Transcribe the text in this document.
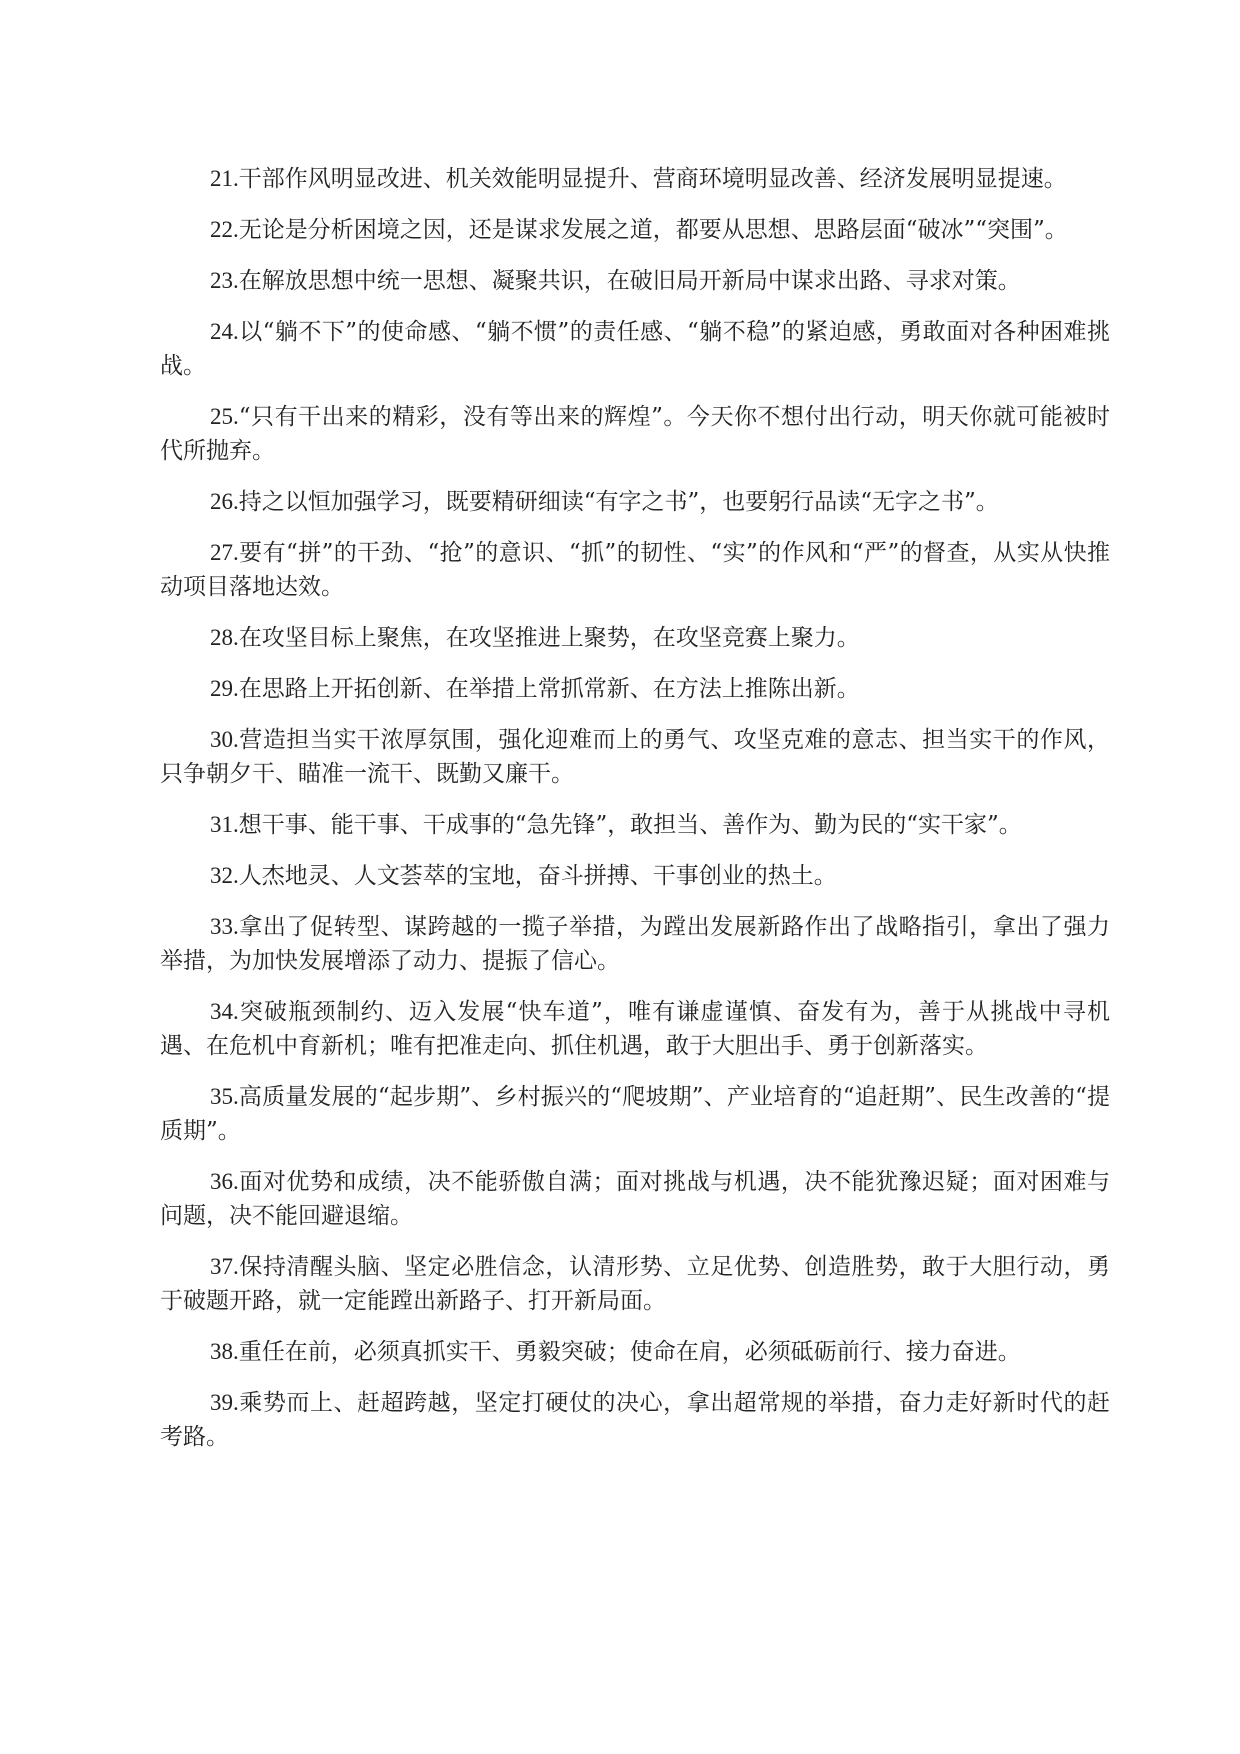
21.干部作风明显改进、机关效能明显提升、营商环境明显改善、经济发展明显提速。

22.无论是分析困境之因，还是谋求发展之道，都要从思想、思路层面“破冰”“突围”。

23.在解放思想中统一思想、凝聚共识，在破旧局开新局中谋求出路、寻求对策。

24.以“躺不下”的使命感、“躺不惯”的责任感、“躺不稳”的紧迫感，勇敢面对各种困难挑战。

25.“只有干出来的精彩，没有等出来的辉煌”。今天你不想付出行动，明天你就可能被时代所抛弃。

26.持之以恒加强学习，既要精研细读“有字之书”，也要躬行品读“无字之书”。

27.要有“拼”的干劲、“抢”的意识、“抓”的韧性、“实”的作风和“严”的督查，从实从快推动项目落地达效。

28.在攻坚目标上聚焦，在攻坚推进上聚势，在攻坚竞赛上聚力。

29.在思路上开拓创新、在举措上常抓常新、在方法上推陈出新。

30.营造担当实干浓厚氛围，强化迎难而上的勇气、攻坚克难的意志、担当实干的作风，只争朝夕干、瞄准一流干、既勤又廉干。

31.想干事、能干事、干成事的“急先锋”，敢担当、善作为、勤为民的“实干家”。

32.人杰地灵、人文荟萃的宝地，奋斗拼搏、干事创业的热土。

33.拿出了促转型、谋跨越的一揽子举措，为蹚出发展新路作出了战略指引，拿出了强力举措，为加快发展增添了动力、提振了信心。

34.突破瓶颈制约、迈入发展“快车道”，唯有谦虚谨慎、奋发有为，善于从挑战中寻机遇、在危机中育新机；唯有把准走向、抓住机遇，敢于大胆出手、勇于创新落实。

35.高质量发展的“起步期”、乡村振兴的“爬坡期”、产业培育的“追赶期”、民生改善的“提质期”。

36.面对优势和成绩，决不能骄傲自满；面对挑战与机遇，决不能犹豫迟疑；面对困难与问题，决不能回避退缩。

37.保持清醒头脑、坚定必胜信念，认清形势、立足优势、创造胜势，敢于大胆行动，勇于破题开路，就一定能蹚出新路子、打开新局面。

38.重任在前，必须真抓实干、勇毅突破；使命在肩，必须砥砺前行、接力奋进。

39.乘势而上、赶超跨越，坚定打硬仗的决心，拿出超常规的举措，奋力走好新时代的赶考路。
